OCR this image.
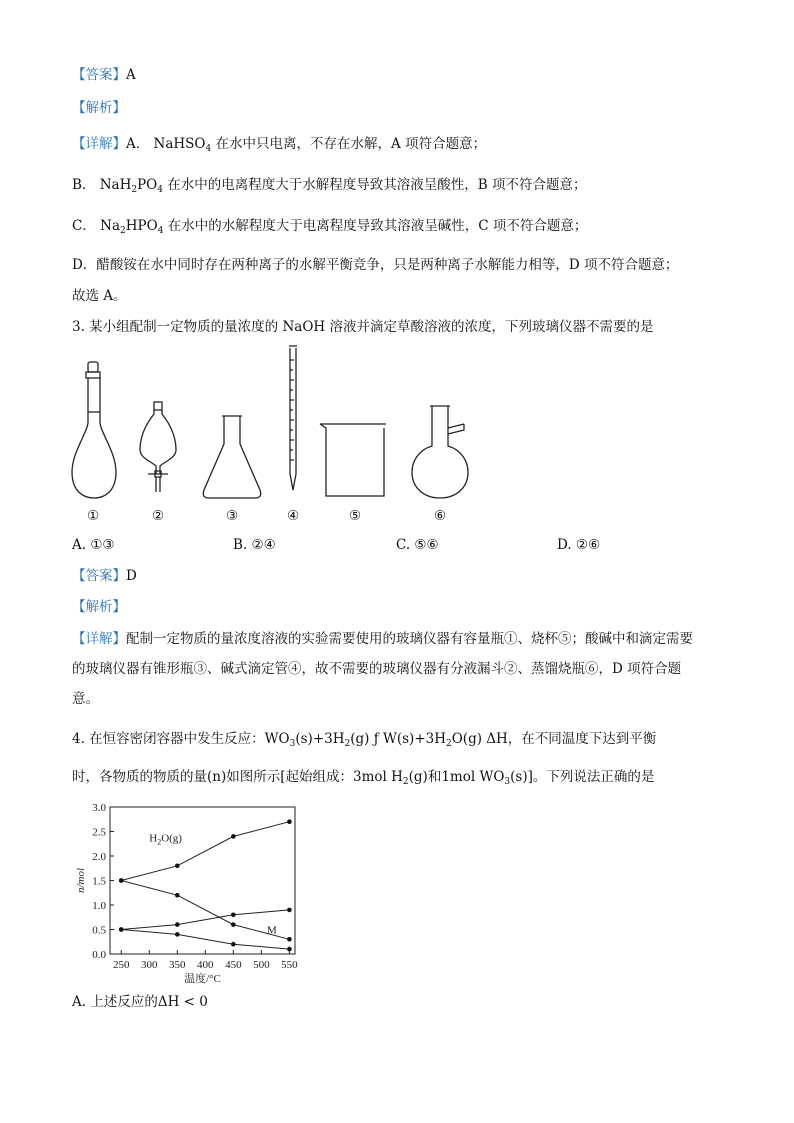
【答案】A
【解析】
【详解】A． NaHSO$_4$ 在水中只电离，不存在水解，A 项符合题意；
B． $NaH_2PO_4$ 在水中的电离程度大于水解程度导致其溶液呈酸性，B 项不符合题意；
C． $Na_2HPO_4$ 在水中的水解程度大于电离程度导致其溶液呈碱性，C 项不符合题意；
D．醋酸铵在水中同时存在两种离子的水解平衡竞争，只是两种离子水解能力相等，D 项不符合题意；
故选 A。
3. 某小组配制一定物质的量浓度的 NaOH 溶液并滴定草酸溶液的浓度，下列玻璃仪器不需要的是
①	②	③	④	⑤	⑥
A. ①③	B. ②④	C. ⑤⑥	D. ②⑥
【答案】D
【解析】
【详解】配制一定物质的量浓度溶液的实验需要使用的玻璃仪器有容量瓶①、烧杯⑤；酸碱中和滴定需要
的玻璃仪器有锥形瓶③、碱式滴定管④，故不需要的玻璃仪器有分液漏斗②、蒸馏烧瓶⑥，D 项符合题
意。
4. 在恒容密闭容器中发生反应：$WO_3(s)+3H_2(g)$ ƒ $W(s)+3H_2O(g)$ ΔH，在不同温度下达到平衡
时，各物质的物质的量(n)如图所示[起始组成：3mol $H_2(g)$和1mol $WO_3(s)$]。下列说法正确的是
0.0
0.5
1.0
1.5
2.0
2.5
3.0
250 300 350 400 450 500 550
温度/°C
n/mol
$H_2O(g)$
M
A. 上述反应的ΔH < 0
